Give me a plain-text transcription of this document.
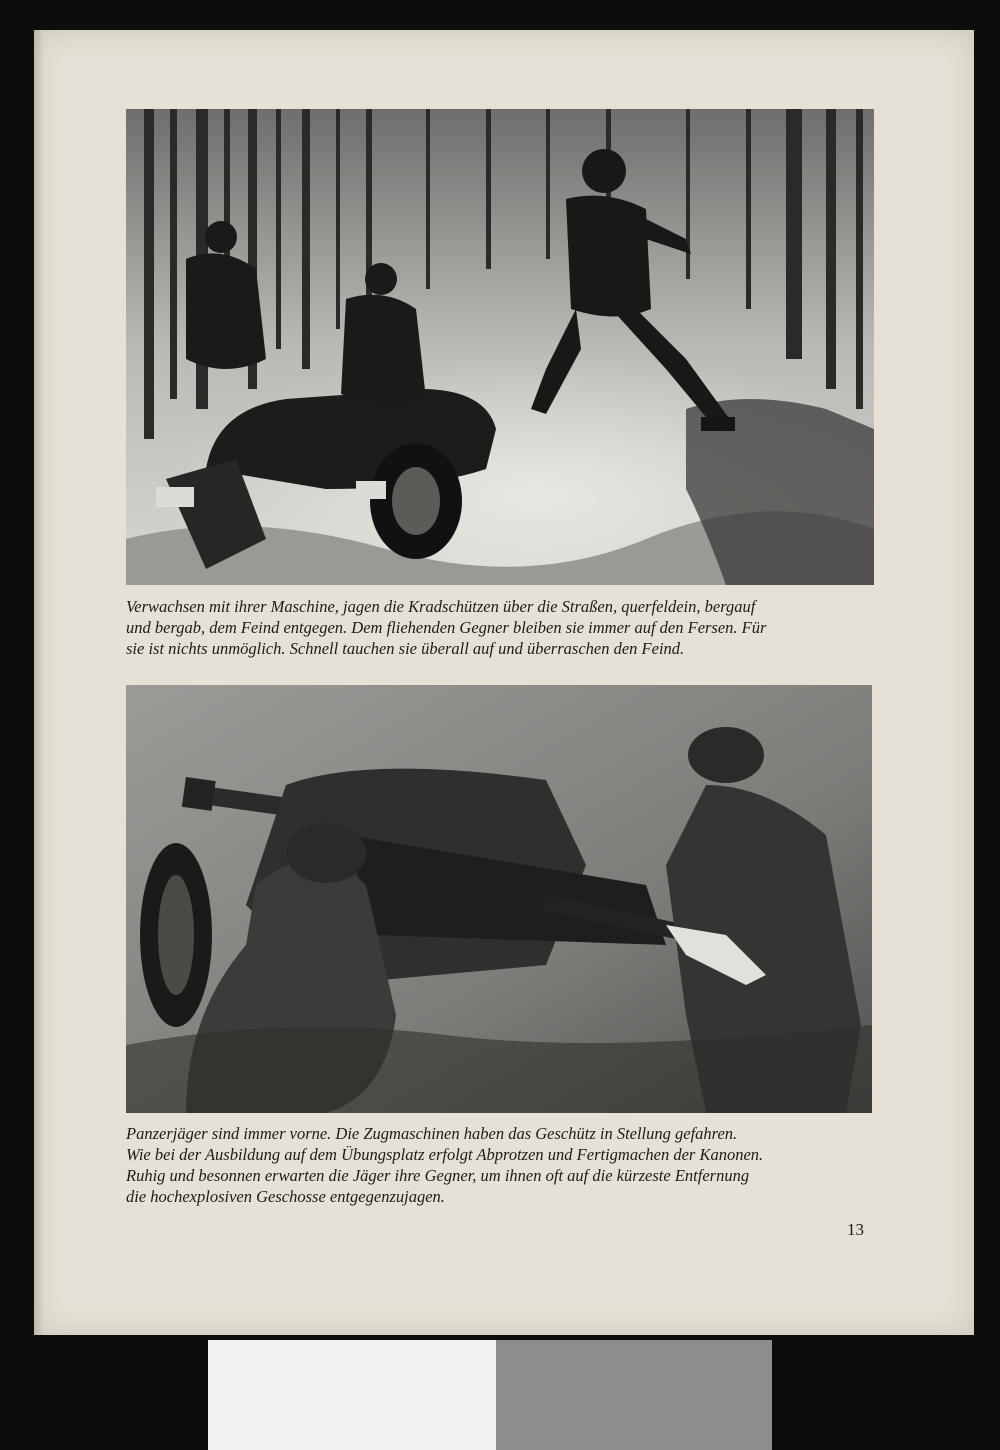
Verwachsen mit ihrer Maschine, jagen die Kradschützen über die Straßen, querfeldein, bergauf
und bergab, dem Feind entgegen. Dem fliehenden Gegner bleiben sie immer auf den Fersen. Für
sie ist nichts unmöglich. Schnell tauchen sie überall auf und überraschen den Feind.
Panzerjäger sind immer vorne. Die Zugmaschinen haben das Geschütz in Stellung gefahren.
Wie bei der Ausbildung auf dem Übungsplatz erfolgt Abprotzen und Fertigmachen der Kanonen.
Ruhig und besonnen erwarten die Jäger ihre Gegner, um ihnen oft auf die kürzeste Entfernung
die hochexplosiven Geschosse entgegenzujagen.
13
